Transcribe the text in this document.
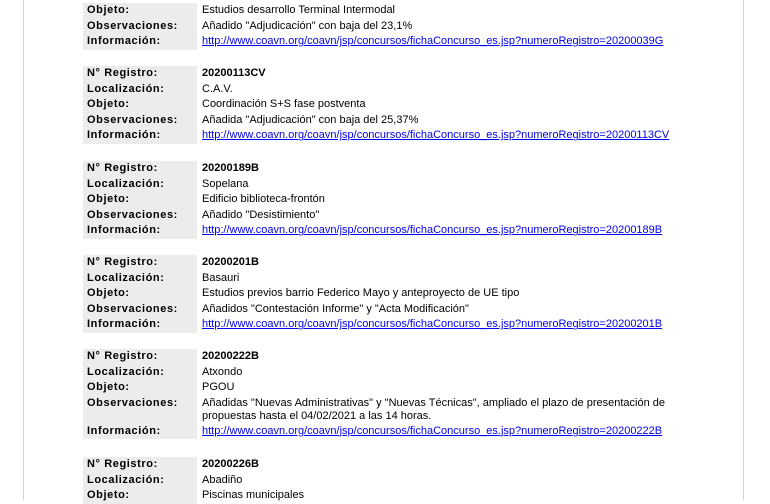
Objeto:	Estudios desarrollo Terminal Intermodal
Observaciones:	Añadido "Adjudicación" con baja del 23,1%
Información:	http://www.coavn.org/coavn/jsp/concursos/fichaConcurso_es.jsp?numeroRegistro=20200039G
N° Registro:	20200113CV
Localización:	C.A.V.
Objeto:	Coordinación S+S fase postventa
Observaciones:	Añadida "Adjudicación" con baja del 25,37%
Información:	http://www.coavn.org/coavn/jsp/concursos/fichaConcurso_es.jsp?numeroRegistro=20200113CV
N° Registro:	20200189B
Localización:	Sopelana
Objeto:	Edificio biblioteca-frontón
Observaciones:	Añadido "Desistimiento"
Información:	http://www.coavn.org/coavn/jsp/concursos/fichaConcurso_es.jsp?numeroRegistro=20200189B
N° Registro:	20200201B
Localización:	Basauri
Objeto:	Estudios previos barrio Federico Mayo y anteproyecto de UE tipo
Observaciones:	Añadidos "Contestación Informe" y "Acta Modificación"
Información:	http://www.coavn.org/coavn/jsp/concursos/fichaConcurso_es.jsp?numeroRegistro=20200201B
N° Registro:	20200222B
Localización:	Atxondo
Objeto:	PGOU
Observaciones:	Añadidas "Nuevas Administrativas" y "Nuevas Técnicas", ampliado el plazo de presentación de propuestas hasta el 04/02/2021 a las 14 horas.
Información:	http://www.coavn.org/coavn/jsp/concursos/fichaConcurso_es.jsp?numeroRegistro=20200222B
N° Registro:	20200226B
Localización:	Abadiño
Objeto:	Piscinas municipales
